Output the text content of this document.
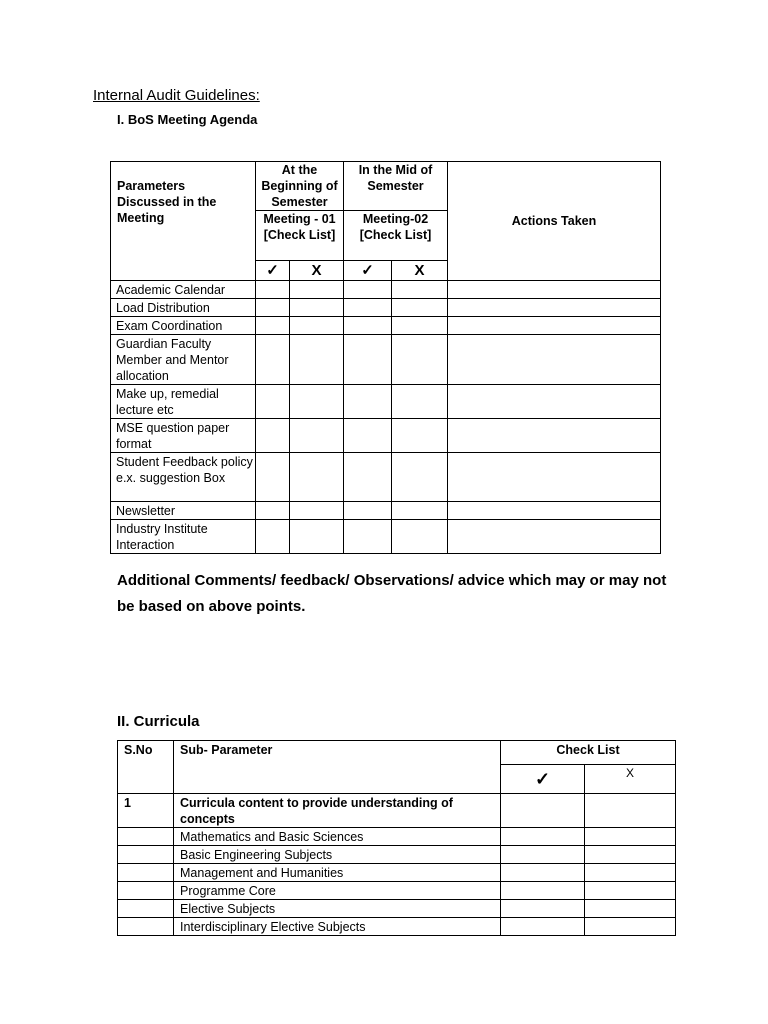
Internal Audit Guidelines:
I. BoS Meeting Agenda
Parameters Discussed in the Meeting	At the Beginning of Semester		In the Mid of Semester		Actions Taken
	Meeting - 01 [Check List]		Meeting-02 [Check List]		
	✓	X	✓	X	
Academic Calendar					
Load Distribution					
Exam Coordination					
Guardian Faculty Member and Mentor allocation					
Make up, remedial lecture etc					
MSE question paper format					
Student Feedback policy e.x. suggestion Box					
Newsletter					
Industry Institute Interaction					
Additional Comments/ feedback/ Observations/ advice which may or may not be based on above points.
II. Curricula
S.No	Sub- Parameter	Check List	
		✓	X
1	Curricula content to provide understanding of concepts		
	Mathematics and Basic Sciences		
	Basic Engineering Subjects		
	Management and Humanities		
	Programme Core		
	Elective Subjects		
	Interdisciplinary Elective Subjects		
